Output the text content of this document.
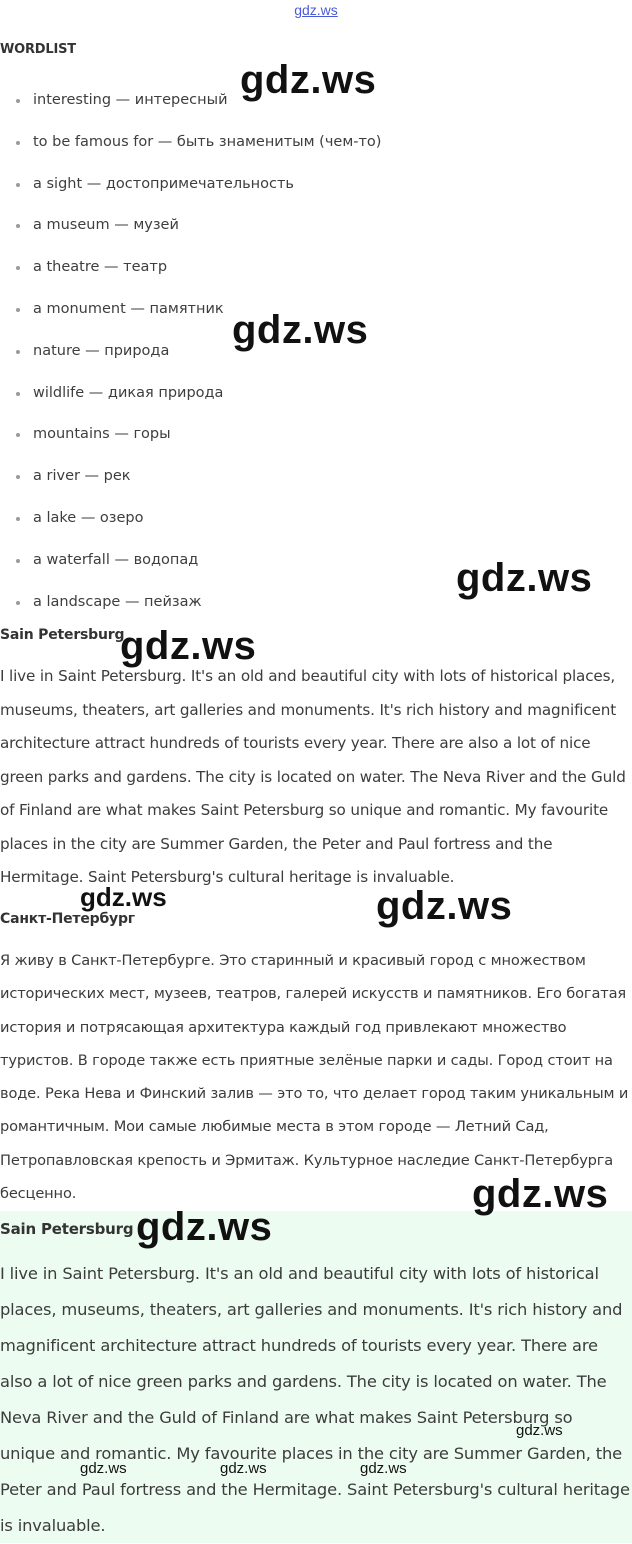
gdz.ws
WORDLIST
interesting — интересный
to be famous for — быть знаменитым (чем-то)
a sight — достопримечательность
a museum — музей
a theatre — театр
a monument — памятник
nature — природа
wildlife — дикая природа
mountains — горы
a river — рек
a lake — озеро
a waterfall — водопад
a landscape — пейзаж
Sain Petersburg

I live in Saint Petersburg. It's an old and beautiful city with lots of historical places, museums, theaters, art galleries and monuments. It's rich history and magnificent architecture attract hundreds of tourists every year. There are also a lot of nice green parks and gardens. The city is located on water. The Neva River and the Guld of Finland are what makes Saint Petersburg so unique and romantic. My favourite places in the city are Summer Garden, the Peter and Paul fortress and the Hermitage. Saint Petersburg's cultural heritage is invaluable.

Санкт-Петербург

Я живу в Санкт-Петербурге. Это старинный и красивый город с множеством исторических мест, музеев, театров, галерей искусств и памятников. Его богатая история и потрясающая архитектура каждый год привлекают множество туристов. В городе также есть приятные зелёные парки и сады. Город стоит на воде. Река Нева и Финский залив — это то, что делает город таким уникальным и романтичным. Мои самые любимые места в этом городе — Летний Сад, Петропавловская крепость и Эрмитаж. Культурное наследие Санкт-Петербурга бесценно.

Sain Petersburg

I live in Saint Petersburg. It's an old and beautiful city with lots of historical places, museums, theaters, art galleries and monuments. It's rich history and magnificent architecture attract hundreds of tourists every year. There are also a lot of nice green parks and gardens. The city is located on water. The Neva River and the Guld of Finland are what makes Saint Petersburg so unique and romantic. My favourite places in the city are Summer Garden, the Peter and Paul fortress and the Hermitage. Saint Petersburg's cultural heritage is invaluable.

gdz.ws
gdz.ws
gdz.ws
gdz.ws
gdz.ws	gdz.ws
gdz.ws
gdz.ws
gdz.ws
gdz.ws	gdz.ws	gdz.ws
